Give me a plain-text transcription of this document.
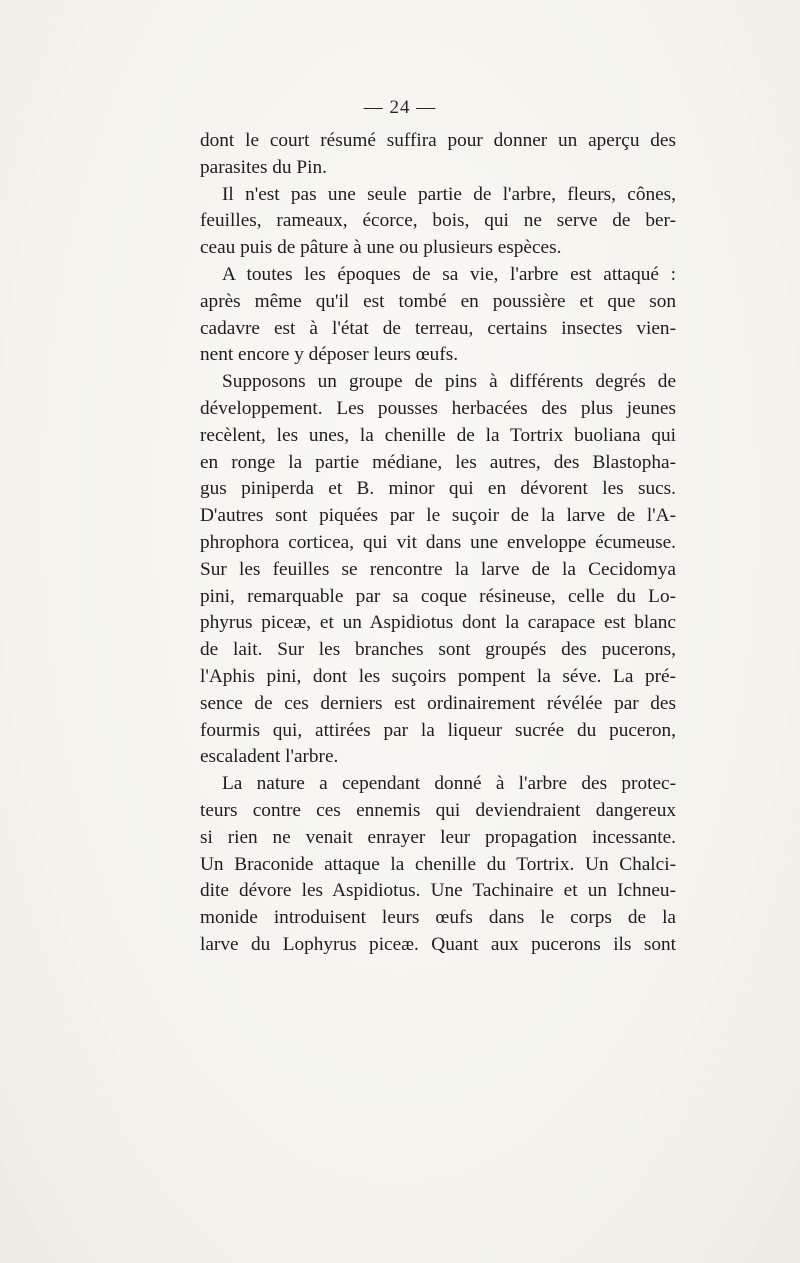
— 24 —

dont le court résumé suffira pour donner un aperçu des
parasites du Pin.

Il n'est pas une seule partie de l'arbre, fleurs, cônes,
feuilles, rameaux, écorce, bois, qui ne serve de ber-
ceau puis de pâture à une ou plusieurs espèces.

A toutes les époques de sa vie, l'arbre est attaqué :
après même qu'il est tombé en poussière et que son
cadavre est à l'état de terreau, certains insectes vien-
nent encore y déposer leurs œufs.

Supposons un groupe de pins à différents degrés de
développement. Les pousses herbacées des plus jeunes
recèlent, les unes, la chenille de la Tortrix buoliana qui
en ronge la partie médiane, les autres, des Blastopha-
gus piniperda et B. minor qui en dévorent les sucs.
D'autres sont piquées par le suçoir de la larve de l'A-
phrophora corticea, qui vit dans une enveloppe écumeuse.
Sur les feuilles se rencontre la larve de la Cecidomya
pini, remarquable par sa coque résineuse, celle du Lo-
phyrus piceæ, et un Aspidiotus dont la carapace est blanc
de lait. Sur les branches sont groupés des pucerons,
l'Aphis pini, dont les suçoirs pompent la séve. La pré-
sence de ces derniers est ordinairement révélée par des
fourmis qui, attirées par la liqueur sucrée du puceron,
escaladent l'arbre.

La nature a cependant donné à l'arbre des protec-
teurs contre ces ennemis qui deviendraient dangereux
si rien ne venait enrayer leur propagation incessante.
Un Braconide attaque la chenille du Tortrix. Un Chalci-
dite dévore les Aspidiotus. Une Tachinaire et un Ichneu-
monide introduisent leurs œufs dans le corps de la
larve du Lophyrus piceæ. Quant aux pucerons ils sont
